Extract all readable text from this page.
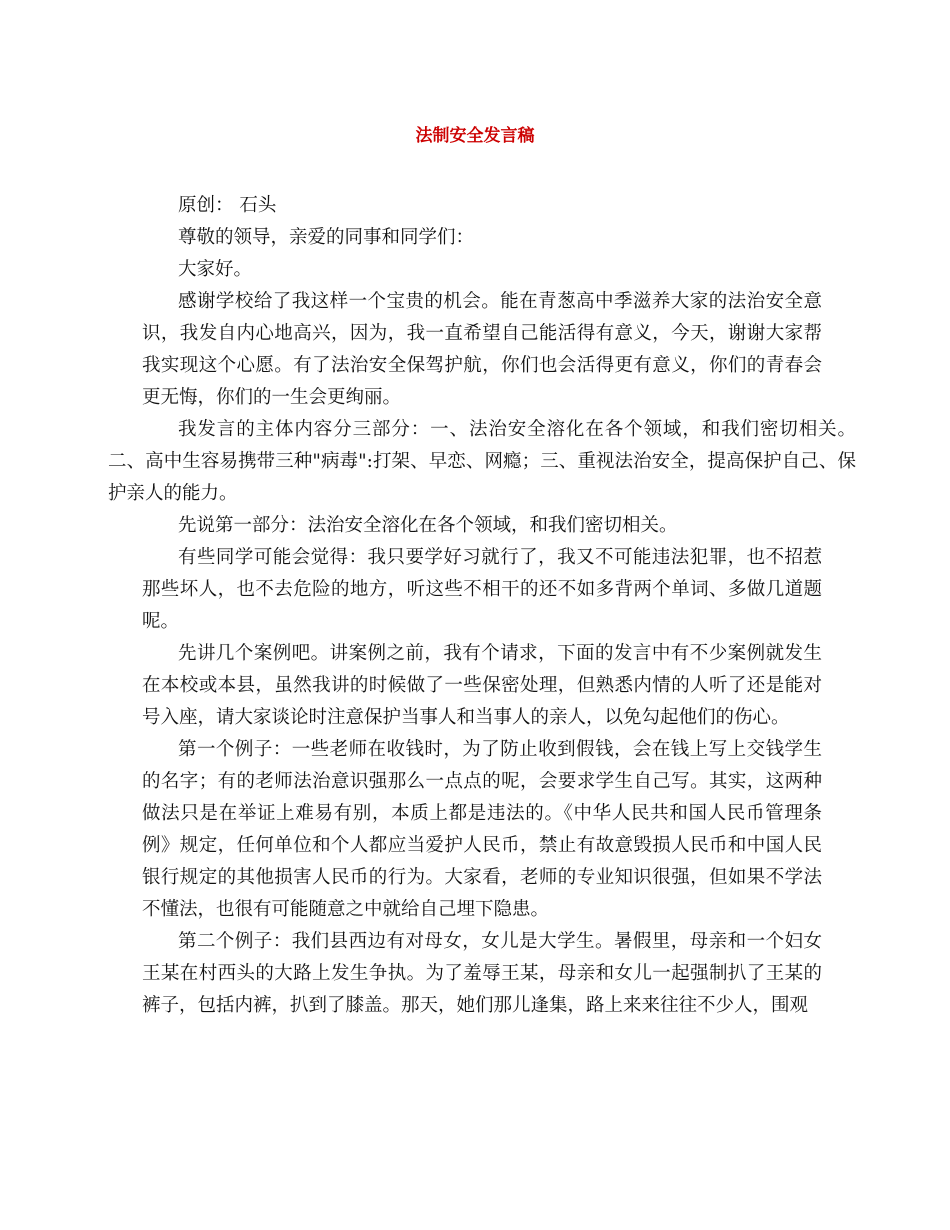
法制安全发言稿

原创： 石头

尊敬的领导，亲爱的同事和同学们：

大家好。

感谢学校给了我这样一个宝贵的机会。能在青葱高中季滋养大家的法治安全意识，我发自内心地高兴，因为，我一直希望自己能活得有意义，今天，谢谢大家帮我实现这个心愿。有了法治安全保驾护航，你们也会活得更有意义，你们的青春会更无悔，你们的一生会更绚丽。

我发言的主体内容分三部分：一、法治安全溶化在各个领域，和我们密切相关。二、高中生容易携带三种"病毒":打架、早恋、网瘾；三、重视法治安全，提高保护自己、保护亲人的能力。

先说第一部分：法治安全溶化在各个领域，和我们密切相关。

有些同学可能会觉得：我只要学好习就行了，我又不可能违法犯罪，也不招惹那些坏人，也不去危险的地方，听这些不相干的还不如多背两个单词、多做几道题呢。

先讲几个案例吧。讲案例之前，我有个请求，下面的发言中有不少案例就发生在本校或本县，虽然我讲的时候做了一些保密处理，但熟悉内情的人听了还是能对号入座，请大家谈论时注意保护当事人和当事人的亲人，以免勾起他们的伤心。

第一个例子：一些老师在收钱时，为了防止收到假钱，会在钱上写上交钱学生的名字；有的老师法治意识强那么一点点的呢，会要求学生自己写。其实，这两种做法只是在举证上难易有别，本质上都是违法的。《中华人民共和国人民币管理条例》规定，任何单位和个人都应当爱护人民币，禁止有故意毁损人民币和中国人民银行规定的其他损害人民币的行为。大家看，老师的专业知识很强，但如果不学法不懂法，也很有可能随意之中就给自己埋下隐患。

第二个例子：我们县西边有对母女，女儿是大学生。暑假里，母亲和一个妇女王某在村西头的大路上发生争执。为了羞辱王某，母亲和女儿一起强制扒了王某的裤子，包括内裤，扒到了膝盖。那天，她们那儿逢集，路上来来往往不少人，围观
